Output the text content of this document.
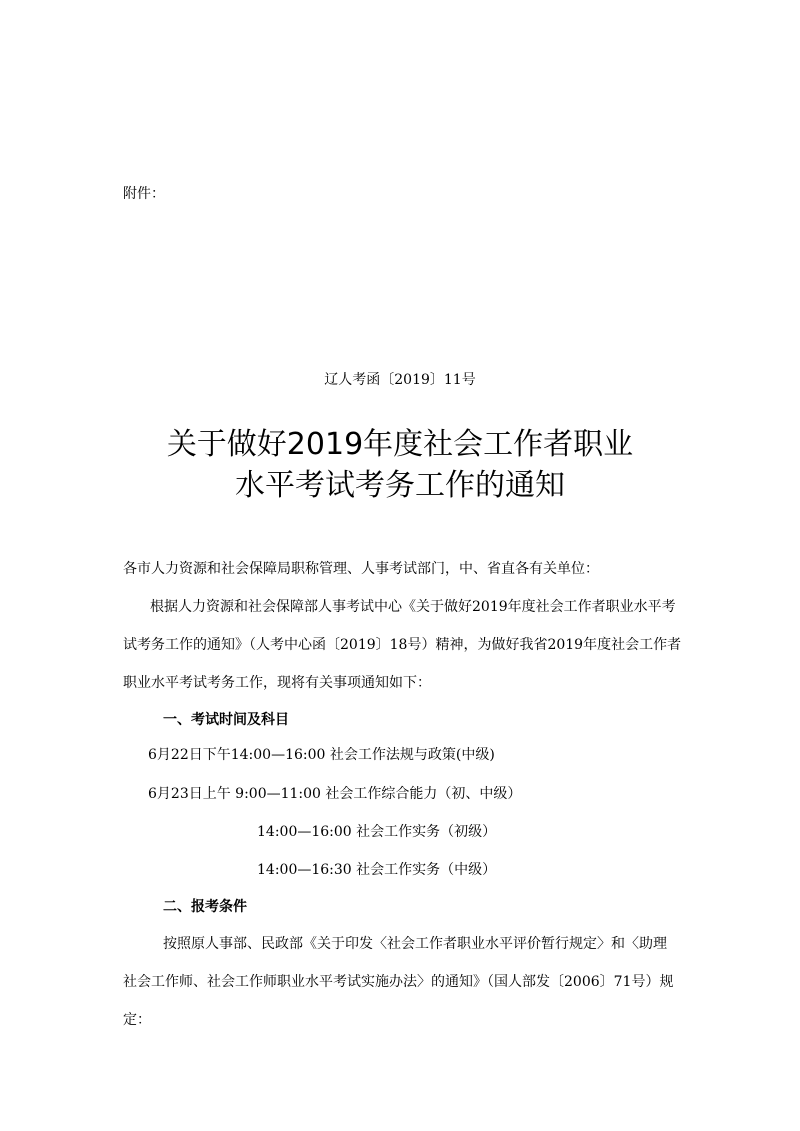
附件：
辽人考函〔2019〕11号
关于做好2019年度社会工作者职业
水平考试考务工作的通知
各市人力资源和社会保障局职称管理、人事考试部门，中、省直各有关单位：
根据人力资源和社会保障部人事考试中心《关于做好2019年度社会工作者职业水平考
试考务工作的通知》（人考中心函〔2019〕18号）精神，为做好我省2019年度社会工作者
职业水平考试考务工作，现将有关事项通知如下：
一、考试时间及科目
6月22日下午14:00—16:00 社会工作法规与政策(中级)
6月23日上午 9:00—11:00 社会工作综合能力（初、中级）
14:00—16:00 社会工作实务（初级）
14:00—16:30 社会工作实务（中级）
二、报考条件
按照原人事部、民政部《关于印发〈社会工作者职业水平评价暂行规定〉和〈助理
社会工作师、社会工作师职业水平考试实施办法〉的通知》（国人部发〔2006〕71号）规
定：
